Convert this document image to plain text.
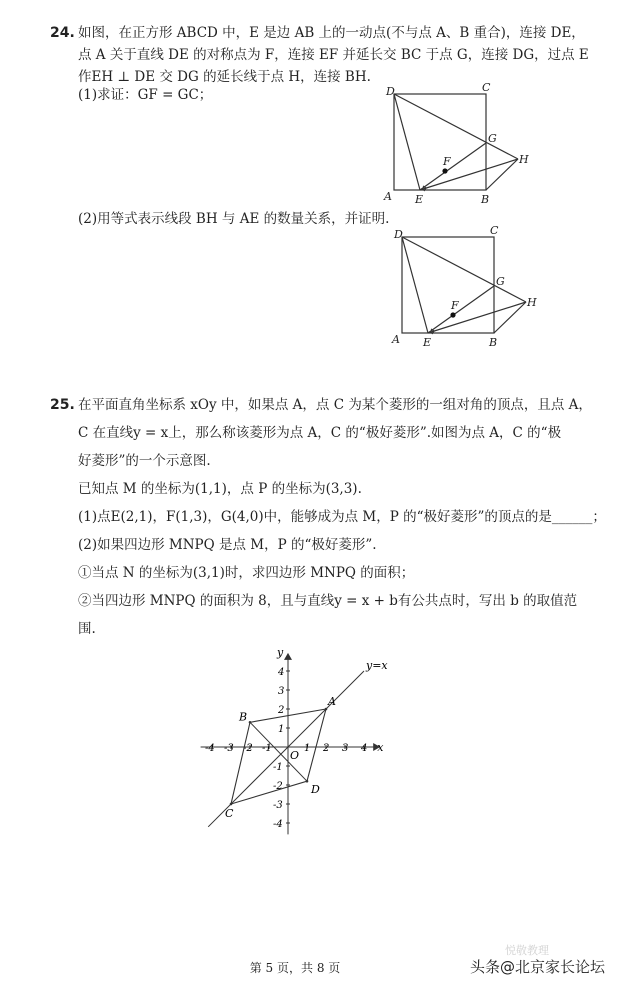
24. 如图，在正方形 ABCD 中，E 是边 AB 上的一动点(不与点 A、B 重合)，连接 DE，
点 A 关于直线 DE 的对称点为 F，连接 EF 并延长交 BC 于点 G，连接 DG，过点 E
作EH ⊥ DE 交 DG 的延长线于点 H，连接 BH.
(1)求证：GF = GC；	D	C
G
H
F
A E	B
(2)用等式表示线段 BH 与 AE 的数量关系，并证明.
D	C
G
H
F
A E	B
25. 在平面直角坐标系 xOy 中，如果点 A，点 C 为某个菱形的一组对角的顶点，且点 A，
C 在直线y = x上，那么称该菱形为点 A，C 的“极好菱形”.如图为点 A，C 的“极
好菱形”的一个示意图.
已知点 M 的坐标为(1,1)，点 P 的坐标为(3,3).
(1)点E(2,1)，F(1,3)，G(4,0)中，能够成为点 M，P 的“极好菱形”的顶点的是______；
(2)如果四边形 MNPQ 是点 M，P 的“极好菱形”.
①当点 N 的坐标为(3,1)时，求四边形 MNPQ 的面积；
②当四边形 MNPQ 的面积为 8，且与直线y = x + b有公共点时，写出 b 的取值范
围.
x
y
O
-4 -3 -2 -1	1 2 3 4
4
3
2
1
-1
-2
-3
-4
y=x
A
B
C
D
第 5 页，共 8 页
悦敬教理
头条@北京家长论坛
